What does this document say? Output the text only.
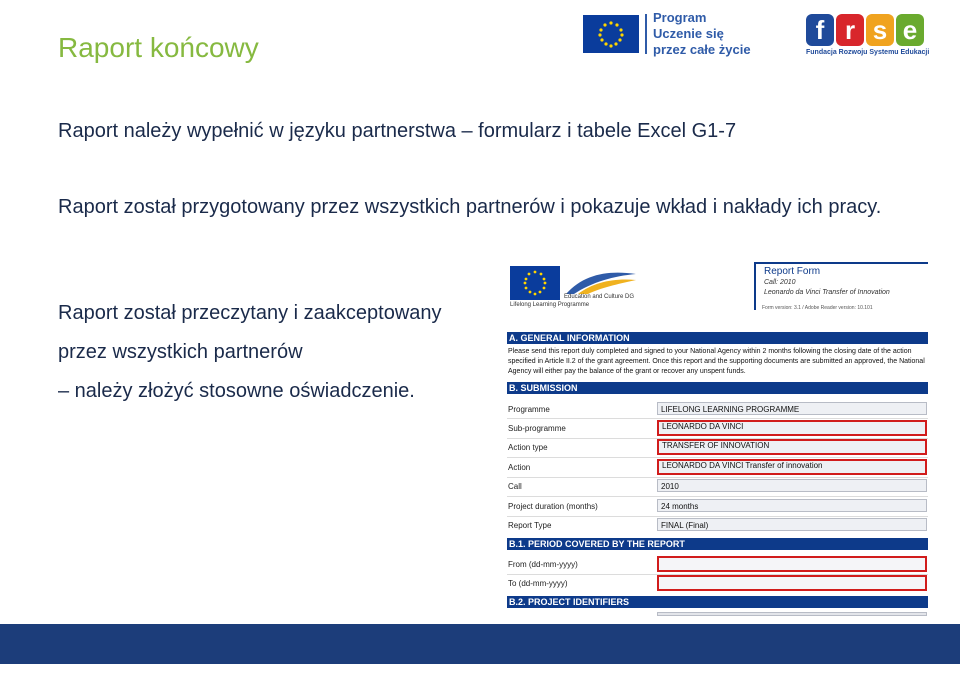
Raport końcowy
Raport należy wypełnić w języku partnerstwa – formularz i tabele Excel G1-7
Raport został przygotowany przez wszystkich partnerów i pokazuje wkład i nakłady ich pracy.
Raport został przeczytany i zaakceptowany
przez wszystkich partnerów
– należy złożyć stosowne oświadczenie.
Program
Uczenie się
przez całe życie
f r s e
Fundacja Rozwoju Systemu Edukacji
Lifelong Learning Programme
Education and Culture DG
Report Form
Call: 2010
Leonardo da Vinci Transfer of Innovation
Form version: 3.1 / Adobe Reader version: 10.101
A. GENERAL INFORMATION
Please send this report duly completed and signed to your National Agency within 2 months following the closing date of the action specified in Article II.2 of the grant agreement. Once this report and the supporting documents are submitted an approved, the National Agency will either pay the balance of the grant or recover any unspent funds.
B. SUBMISSION
Programme	LIFELONG LEARNING PROGRAMME
Sub-programme	LEONARDO DA VINCI
Action type	TRANSFER OF INNOVATION
Action	LEONARDO DA VINCI Transfer of innovation
Call	2010
Project duration (months)	24 months
Report Type	FINAL (Final)
B.1. PERIOD COVERED BY THE REPORT
From (dd-mm-yyyy)
To (dd-mm-yyyy)
B.2. PROJECT IDENTIFIERS
PROGRAM LEONARDO DA VINCI
